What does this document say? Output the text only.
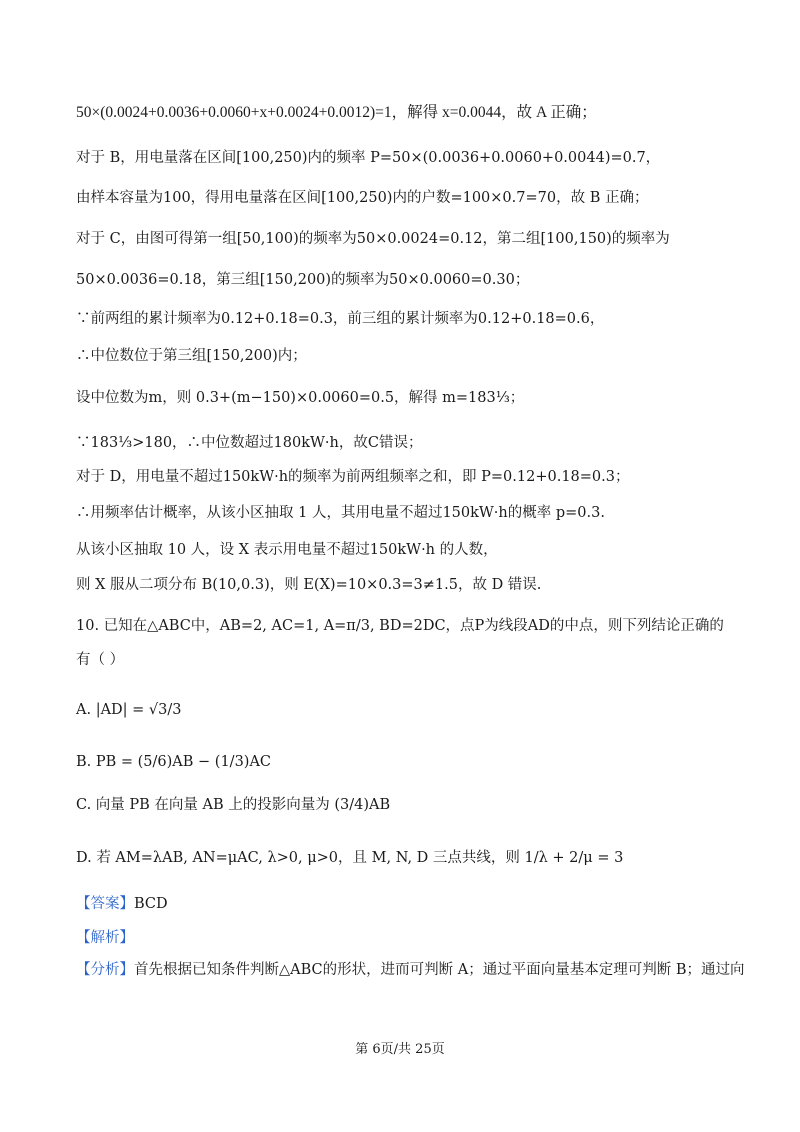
50×(0.0024+0.0036+0.0060+x+0.0024+0.0012)=1，解得 x=0.0044，故 A 正确；
对于 B，用电量落在区间[100,250)内的频率 P=50×(0.0036+0.0060+0.0044)=0.7，
由样本容量为100，得用电量落在区间[100,250)内的户数=100×0.7=70，故 B 正确；
对于 C，由图可得第一组[50,100)的频率为50×0.0024=0.12，第二组[100,150)的频率为
50×0.0036=0.18，第三组[150,200)的频率为50×0.0060=0.30；
∵前两组的累计频率为0.12+0.18=0.3，前三组的累计频率为0.12+0.18=0.6，
∴中位数位于第三组[150,200)内；
设中位数为m，则 0.3+(m−150)×0.0060=0.5，解得 m=183⅓；
∵183⅓>180，∴中位数超过180kW·h，故C错误；
对于 D，用电量不超过150kW·h的频率为前两组频率之和，即 P=0.12+0.18=0.3；
∴用频率估计概率，从该小区抽取 1 人，其用电量不超过150kW·h的概率 p=0.3.
从该小区抽取 10 人，设 X 表示用电量不超过150kW·h 的人数，
则 X 服从二项分布 B(10,0.3)，则 E(X)=10×0.3=3≠1.5，故 D 错误.
10. 已知在△ABC中，AB=2, AC=1, A=π/3, BD=2DC，点P为线段AD的中点，则下列结论正确的
有（ ）
A. |AD| = √3/3
B. PB = (5/6)AB − (1/3)AC
C. 向量 PB 在向量 AB 上的投影向量为 (3/4)AB
D. 若 AM=λAB, AN=μAC, λ>0, μ>0，且 M, N, D 三点共线，则 1/λ + 2/μ = 3
【答案】BCD
【解析】
【分析】首先根据已知条件判断△ABC的形状，进而可判断 A；通过平面向量基本定理可判断 B；通过向
第 6页/共 25页
